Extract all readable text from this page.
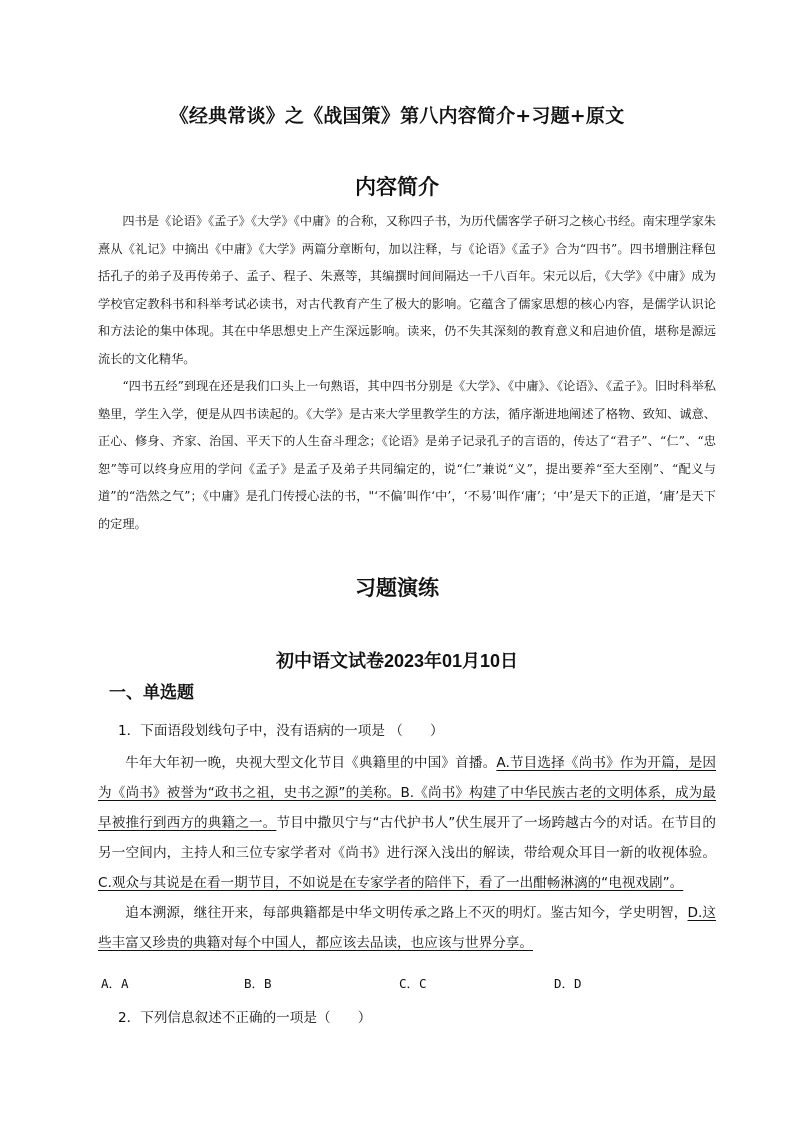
《经典常谈》之《战国策》第八内容简介+习题+原文
内容简介

四书是《论语》《孟子》《大学》《中庸》的合称，又称四子书，为历代儒客学子研习之核心书经。南宋理学家朱熹从《礼记》中摘出《中庸》《大学》两篇分章断句，加以注释，与《论语》《孟子》合为“四书”。四书增删注释包括孔子的弟子及再传弟子、孟子、程子、朱熹等，其编撰时间间隔达一千八百年。宋元以后，《大学》《中庸》成为学校官定教科书和科举考试必读书，对古代教育产生了极大的影响。它蕴含了儒家思想的核心内容，是儒学认识论和方法论的集中体现。其在中华思想史上产生深远影响。读来，仍不失其深刻的教育意义和启迪价值，堪称是源远流长的文化精华。

“四书五经”到现在还是我们口头上一句熟语，其中四书分别是《大学》、《中庸》、《论语》、《孟子》。旧时科举私塾里，学生入学，便是从四书读起的。《大学》是古来大学里教学生的方法，循序渐进地阐述了格物、致知、诚意、正心、修身、齐家、治国、平天下的人生奋斗理念；《论语》是弟子记录孔子的言语的，传达了“君子”、“仁”、“忠恕”等可以终身应用的学问《孟子》是孟子及弟子共同编定的，说“仁”兼说“义”，提出要养“至大至刚”、“配义与道”的“浩然之气”；《中庸》是孔门传授心法的书，"‘不偏’叫作‘中’，‘不易’叫作‘庸’；‘中’是天下的正道，‘庸’是天下的定理。

习题演练
初中语文试卷2023年01月10日
一、单选题
1．下面语段划线句子中，没有语病的一项是 （　　）

牛年大年初一晚，央视大型文化节目《典籍里的中国》首播。A.节目选择《尚书》作为开篇，是因为《尚书》被誉为“政书之祖，史书之源”的美称。B.《尚书》构建了中华民族古老的文明体系，成为最早被推行到西方的典籍之一。节目中撒贝宁与“古代护书人”伏生展开了一场跨越古今的对话。在节目的另一空间内，主持人和三位专家学者对《尚书》进行深入浅出的解读，带给观众耳目一新的收视体验。C.观众与其说是在看一期节目，不如说是在专家学者的陪伴下，看了一出酣畅淋漓的“电视戏剧”。

追本溯源，继往开来，每部典籍都是中华文明传承之路上不灭的明灯。鉴古知今，学史明智，D.这些丰富又珍贵的典籍对每个中国人，都应该去品读，也应该与世界分享。

A．A	B．B	C．C	D．D
2．下列信息叙述不正确的一项是（　　）
